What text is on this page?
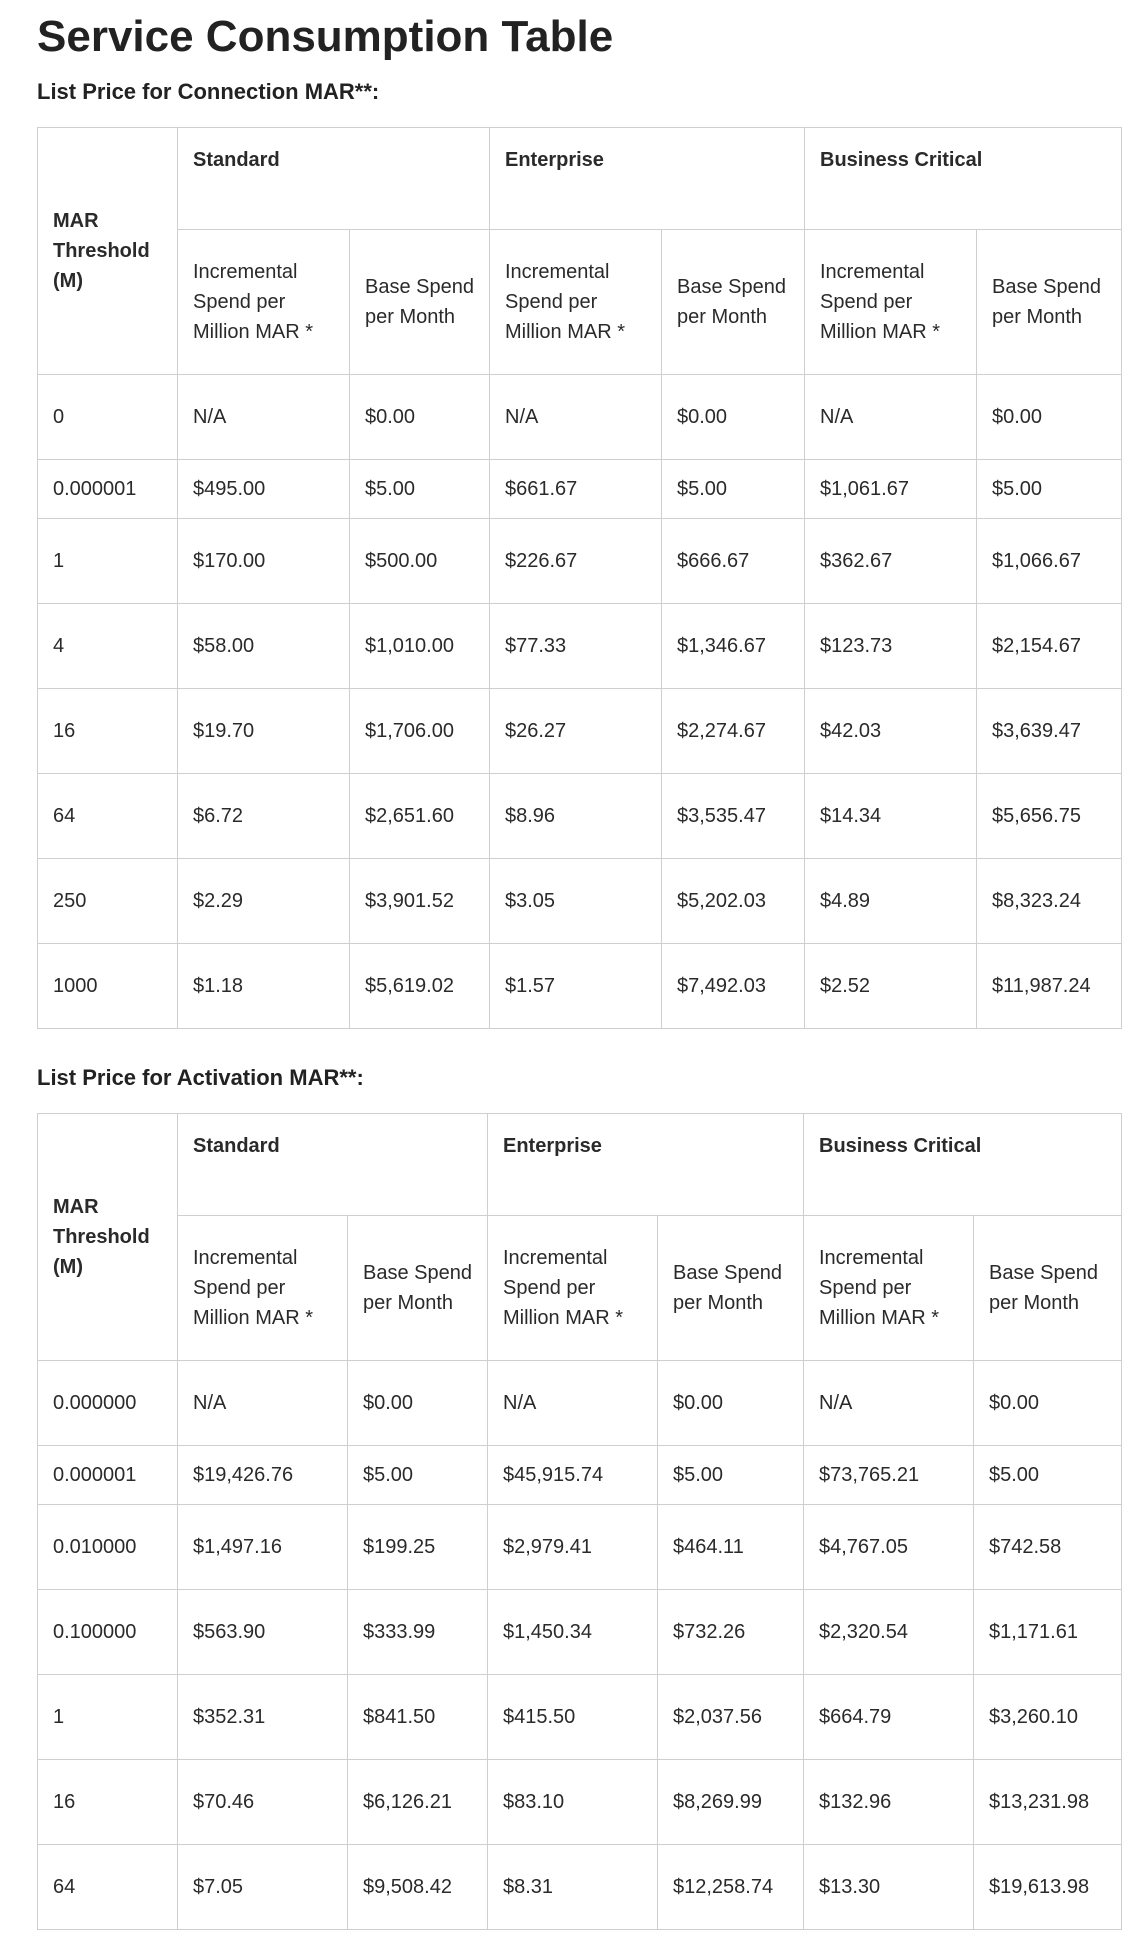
Service Consumption Table
List Price for Connection MAR**:
MAR Threshold (M)	Standard		Enterprise		Business Critical	
	Incremental Spend per Million MAR *	Base Spend per Month	Incremental Spend per Million MAR *	Base Spend per Month	Incremental Spend per Million MAR *	Base Spend per Month
0	N/A	$0.00	N/A	$0.00	N/A	$0.00
0.000001	$495.00	$5.00	$661.67	$5.00	$1,061.67	$5.00
1	$170.00	$500.00	$226.67	$666.67	$362.67	$1,066.67
4	$58.00	$1,010.00	$77.33	$1,346.67	$123.73	$2,154.67
16	$19.70	$1,706.00	$26.27	$2,274.67	$42.03	$3,639.47
64	$6.72	$2,651.60	$8.96	$3,535.47	$14.34	$5,656.75
250	$2.29	$3,901.52	$3.05	$5,202.03	$4.89	$8,323.24
1000	$1.18	$5,619.02	$1.57	$7,492.03	$2.52	$11,987.24
List Price for Activation MAR**:
MAR Threshold (M)	Standard		Enterprise		Business Critical	
	Incremental Spend per Million MAR *	Base Spend per Month	Incremental Spend per Million MAR *	Base Spend per Month	Incremental Spend per Million MAR *	Base Spend per Month
0.000000	N/A	$0.00	N/A	$0.00	N/A	$0.00
0.000001	$19,426.76	$5.00	$45,915.74	$5.00	$73,765.21	$5.00
0.010000	$1,497.16	$199.25	$2,979.41	$464.11	$4,767.05	$742.58
0.100000	$563.90	$333.99	$1,450.34	$732.26	$2,320.54	$1,171.61
1	$352.31	$841.50	$415.50	$2,037.56	$664.79	$3,260.10
16	$70.46	$6,126.21	$83.10	$8,269.99	$132.96	$13,231.98
64	$7.05	$9,508.42	$8.31	$12,258.74	$13.30	$19,613.98
